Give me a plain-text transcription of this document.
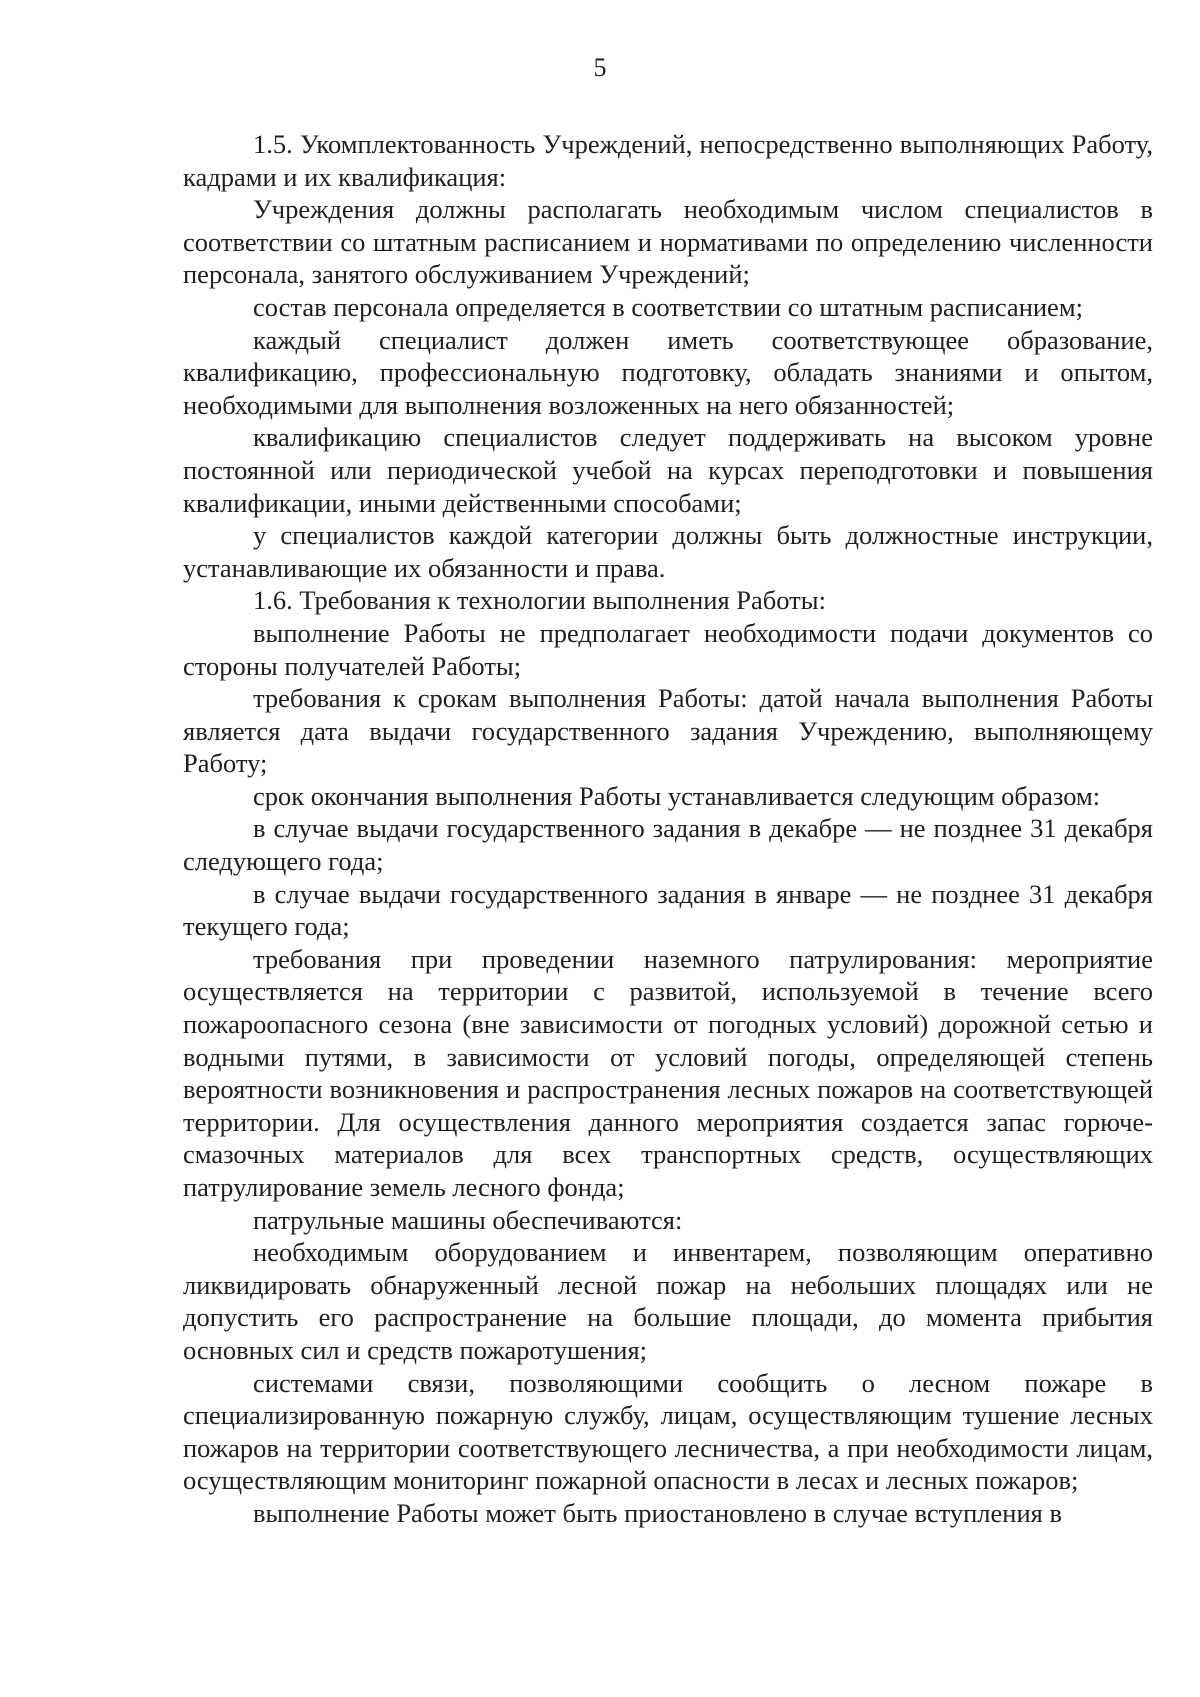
5

1.5. Укомплектованность Учреждений, непосредственно выполняющих Работу, кадрами и их квалификация:

Учреждения должны располагать необходимым числом специалистов в соответствии со штатным расписанием и нормативами по определению численности персонала, занятого обслуживанием Учреждений;

состав персонала определяется в соответствии со штатным расписанием;

каждый специалист должен иметь соответствующее образование, квалификацию, профессиональную подготовку, обладать знаниями и опытом, необходимыми для выполнения возложенных на него обязанностей;

квалификацию специалистов следует поддерживать на высоком уровне постоянной или периодической учебой на курсах переподготовки и повышения квалификации, иными действенными способами;

у специалистов каждой категории должны быть должностные инструкции, устанавливающие их обязанности и права.

1.6. Требования к технологии выполнения Работы:

выполнение Работы не предполагает необходимости подачи документов со стороны получателей Работы;

требования к срокам выполнения Работы: датой начала выполнения Работы является дата выдачи государственного задания Учреждению, выполняющему Работу;

срок окончания выполнения Работы устанавливается следующим образом:

в случае выдачи государственного задания в декабре — не позднее 31 декабря следующего года;

в случае выдачи государственного задания в январе — не позднее 31 декабря текущего года;

требования при проведении наземного патрулирования: мероприятие осуществляется на территории с развитой, используемой в течение всего пожароопасного сезона (вне зависимости от погодных условий) дорожной сетью и водными путями, в зависимости от условий погоды, определяющей степень вероятности возникновения и распространения лесных пожаров на соответствующей территории. Для осуществления данного мероприятия создается запас горюче-смазочных материалов для всех транспортных средств, осуществляющих патрулирование земель лесного фонда;

патрульные машины обеспечиваются:

необходимым оборудованием и инвентарем, позволяющим оперативно ликвидировать обнаруженный лесной пожар на небольших площадях или не допустить его распространение на большие площади, до момента прибытия основных сил и средств пожаротушения;

системами связи, позволяющими сообщить о лесном пожаре в специализированную пожарную службу, лицам, осуществляющим тушение лесных пожаров на территории соответствующего лесничества, а при необходимости лицам, осуществляющим мониторинг пожарной опасности в лесах и лесных пожаров;

выполнение Работы может быть приостановлено в случае вступления в
